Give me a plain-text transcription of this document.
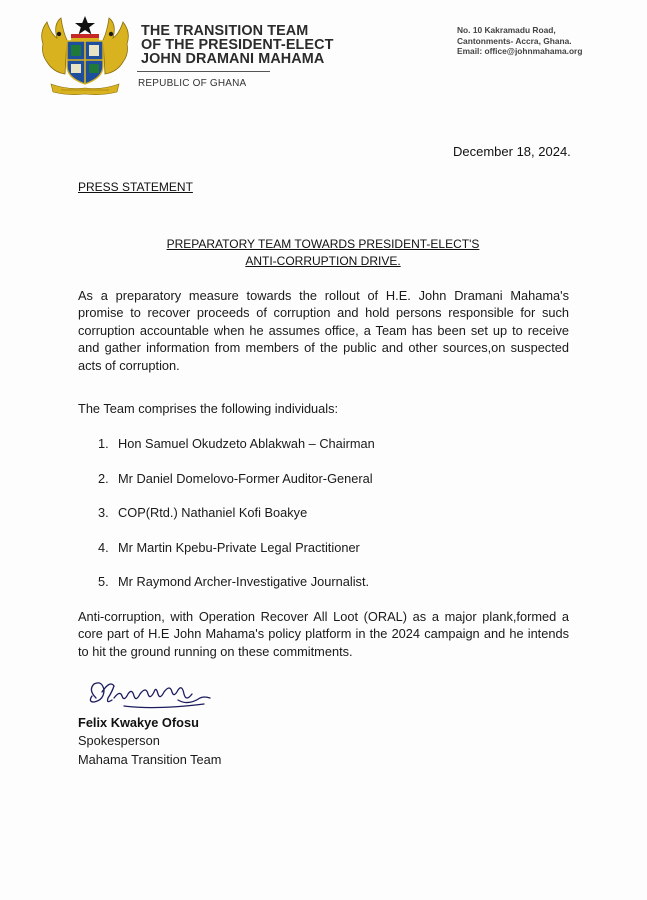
THE TRANSITION TEAM
OF THE PRESIDENT-ELECT
JOHN DRAMANI MAHAMA
REPUBLIC OF GHANA
No. 10 Kakramadu Road,
Cantonments- Accra, Ghana.
Email: office@johnmahama.org
December 18, 2024.
PRESS STATEMENT
PREPARATORY TEAM TOWARDS PRESIDENT-ELECT'S
ANTI-CORRUPTION DRIVE.
As a preparatory measure towards the rollout of H.E. John Dramani Mahama's promise to recover proceeds of corruption and hold persons responsible for such corruption accountable when he assumes office, a Team has been set up to receive and gather information from members of the public and other sources,on suspected acts of corruption.
The Team comprises the following individuals:
1. Hon Samuel Okudzeto Ablakwah – Chairman
2. Mr Daniel Domelovo-Former Auditor-General
3. COP(Rtd.) Nathaniel Kofi Boakye
4. Mr Martin Kpebu-Private Legal Practitioner
5. Mr Raymond Archer-Investigative Journalist.
Anti-corruption, with Operation Recover All Loot (ORAL) as a major plank,formed a core part of H.E John Mahama's policy platform in the 2024 campaign and he intends to hit the ground running on these commitments.
Felix Kwakye Ofosu
Spokesperson
Mahama Transition Team
